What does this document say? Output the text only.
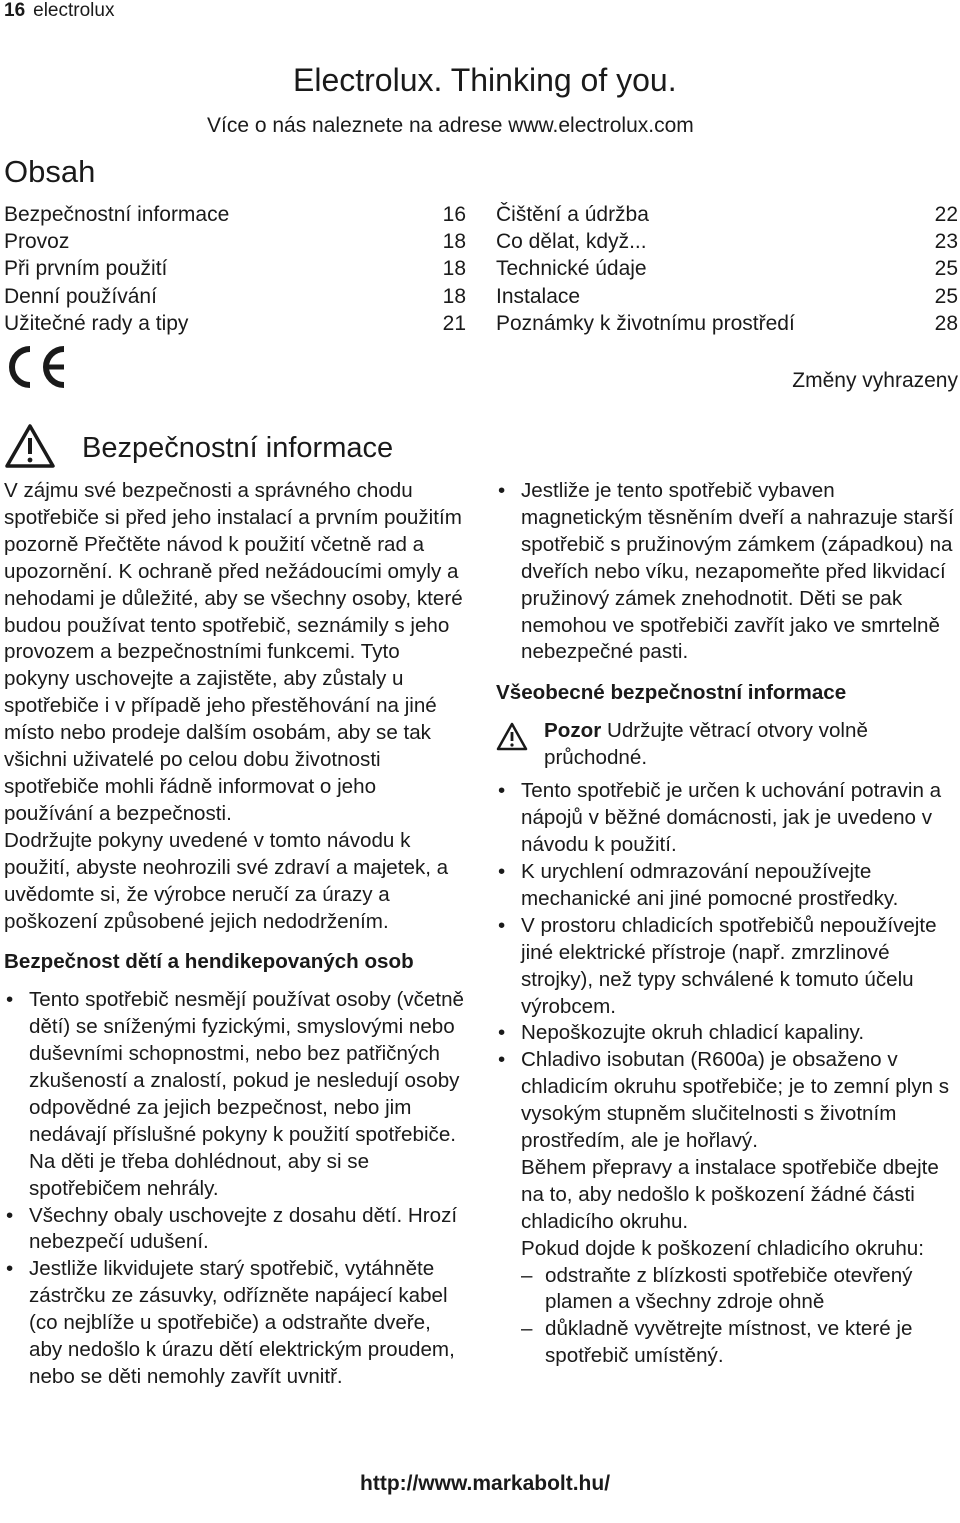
16 electrolux
Electrolux. Thinking of you.
Více o nás naleznete na adrese www.electrolux.com
Obsah
Bezpečnostní informace	16
Provoz	18
Při prvním použití	18
Denní používání	18
Užitečné rady a tipy	21
Čištění a údržba	22
Co dělat, když...	23
Technické údaje	25
Instalace	25
Poznámky k životnímu prostředí	28
Změny vyhrazeny
Bezpečnostní informace

V zájmu své bezpečnosti a správného chodu spotřebiče si před jeho instalací a prvním použitím pozorně Přečtěte návod k použití včetně rad a upozornění. K ochraně před nežádoucími omyly a nehodami je důležité, aby se všechny osoby, které budou používat tento spotřebič, seznámily s jeho provozem a bezpečnostními funkcemi. Tyto pokyny uschovejte a zajistěte, aby zůstaly u spotřebiče i v případě jeho přestěhování na jiné místo nebo prodeje dalším osobám, aby se tak všichni uživatelé po celou dobu životnosti spotřebiče mohli řádně informovat o jeho používání a bezpečnosti.

Dodržujte pokyny uvedené v tomto návodu k použití, abyste neohrozili své zdraví a majetek, a uvědomte si, že výrobce neručí za úrazy a poškození způsobené jejich nedodržením.

Bezpečnost dětí a hendikepovaných osob

• Tento spotřebič nesmějí používat osoby (včetně dětí) se sníženými fyzickými, smyslovými nebo duševními schopnostmi, nebo bez patřičných zkušeností a znalostí, pokud je nesledují osoby odpovědné za jejich bezpečnost, nebo jim nedávají příslušné pokyny k použití spotřebiče. Na děti je třeba dohlédnout, aby si se spotřebičem nehrály.
• Všechny obaly uschovejte z dosahu dětí. Hrozí nebezpečí udušení.
• Jestliže likvidujete starý spotřebič, vytáhněte zástrčku ze zásuvky, odřízněte napájecí kabel (co nejblíže u spotřebiče) a odstraňte dveře, aby nedošlo k úrazu dětí elektrickým proudem, nebo se děti nemohly zavřít uvnitř.
• Jestliže je tento spotřebič vybaven magnetickým těsněním dveří a nahrazuje starší spotřebič s pružinovým zámkem (západkou) na dveřích nebo víku, nezapomeňte před likvidací pružinový zámek znehodnotit. Děti se pak nemohou ve spotřebiči zavřít jako ve smrtelně nebezpečné pasti.

Všeobecné bezpečnostní informace

Pozor Udržujte větrací otvory volně průchodné.
• Tento spotřebič je určen k uchování potravin a nápojů v běžné domácnosti, jak je uvedeno v návodu k použití.
• K urychlení odmrazování nepoužívejte mechanické ani jiné pomocné prostředky.
• V prostoru chladicích spotřebičů nepoužívejte jiné elektrické přístroje (např. zmrzlinové strojky), než typy schválené k tomuto účelu výrobcem.
• Nepoškozujte okruh chladicí kapaliny.
• Chladivo isobutan (R600a) je obsaženo v chladicím okruhu spotřebiče; je to zemní plyn s vysokým stupněm slučitelnosti s životním prostředím, ale je hořlavý.

Během přepravy a instalace spotřebiče dbejte na to, aby nedošlo k poškození žádné části chladicího okruhu.

Pokud dojde k poškození chladicího okruhu:

– odstraňte z blízkosti spotřebiče otevřený plamen a všechny zdroje ohně
– důkladně vyvětrejte místnost, ve které je spotřebič umístěný.
http://www.markabolt.hu/
